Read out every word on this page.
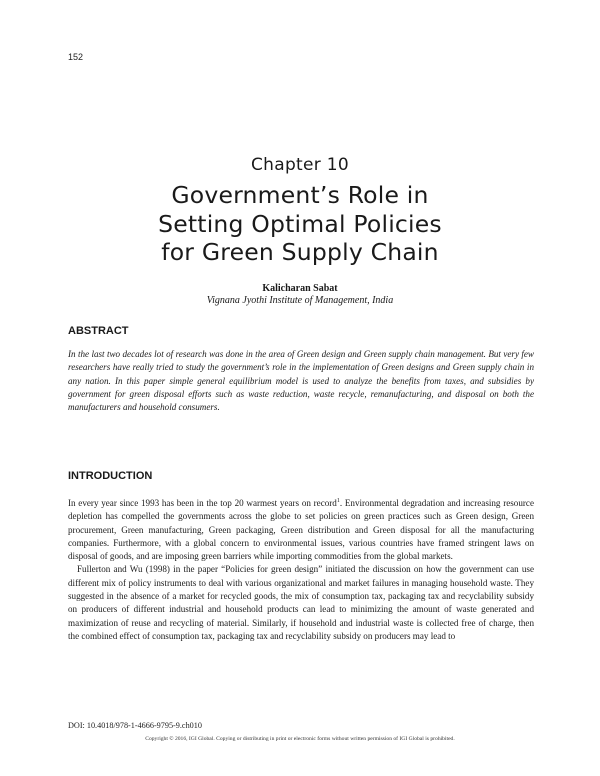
152
Chapter 10
Government’s Role in
Setting Optimal Policies
for Green Supply Chain
Kalicharan Sabat
Vignana Jyothi Institute of Management, India
ABSTRACT

In the last two decades lot of research was done in the area of Green design and Green supply chain management. But very few researchers have really tried to study the government’s role in the implementation of Green designs and Green supply chain in any nation. In this paper simple general equilibrium model is used to analyze the benefits from taxes, and subsidies by government for green disposal efforts such as waste reduction, waste recycle, remanufacturing, and disposal on both the manufacturers and household consumers.

INTRODUCTION

In every year since 1993 has been in the top 20 warmest years on record$^1$. Environmental degradation and increasing resource depletion has compelled the governments across the globe to set policies on green practices such as Green design, Green procurement, Green manufacturing, Green packaging, Green distribution and Green disposal for all the manufacturing companies. Furthermore, with a global concern to environmental issues, various countries have framed stringent laws on disposal of goods, and are imposing green barriers while importing commodities from the global markets.

Fullerton and Wu (1998) in the paper “Policies for green design” initiated the discussion on how the government can use different mix of policy instruments to deal with various organizational and market failures in managing household waste. They suggested in the absence of a market for recycled goods, the mix of consumption tax, packaging tax and recyclability subsidy on producers of different industrial and household products can lead to minimizing the amount of waste generated and maximization of reuse and recycling of material. Similarly, if household and industrial waste is collected free of charge, then the combined effect of consumption tax, packaging tax and recyclability subsidy on producers may lead to

DOI: 10.4018/978-1-4666-9795-9.ch010
Copyright © 2016, IGI Global. Copying or distributing in print or electronic forms without written permission of IGI Global is prohibited.
